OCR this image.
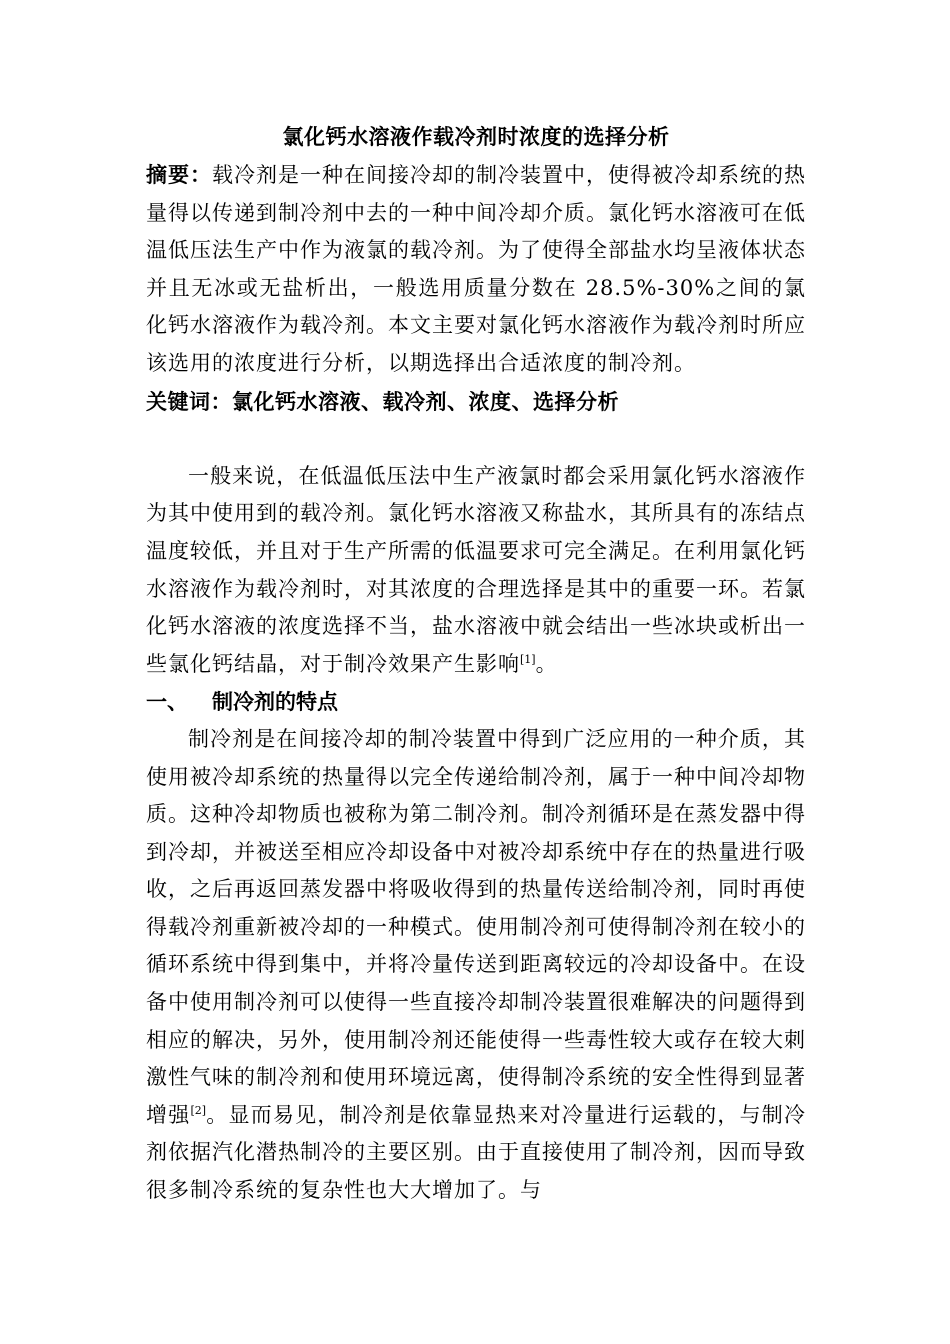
氯化钙水溶液作载冷剂时浓度的选择分析

摘要：载冷剂是一种在间接冷却的制冷装置中，使得被冷却系统的热量得以传递到制冷剂中去的一种中间冷却介质。氯化钙水溶液可在低温低压法生产中作为液氯的载冷剂。为了使得全部盐水均呈液体状态并且无冰或无盐析出，一般选用质量分数在 28.5%-30%之间的氯化钙水溶液作为载冷剂。本文主要对氯化钙水溶液作为载冷剂时所应该选用的浓度进行分析，以期选择出合适浓度的制冷剂。

关键词：氯化钙水溶液、载冷剂、浓度、选择分析

一般来说，在低温低压法中生产液氯时都会采用氯化钙水溶液作为其中使用到的载冷剂。氯化钙水溶液又称盐水，其所具有的冻结点温度较低，并且对于生产所需的低温要求可完全满足。在利用氯化钙水溶液作为载冷剂时，对其浓度的合理选择是其中的重要一环。若氯化钙水溶液的浓度选择不当，盐水溶液中就会结出一些冰块或析出一些氯化钙结晶，对于制冷效果产生影响[1]。

一、	制冷剂的特点

制冷剂是在间接冷却的制冷装置中得到广泛应用的一种介质，其使用被冷却系统的热量得以完全传递给制冷剂，属于一种中间冷却物质。这种冷却物质也被称为第二制冷剂。制冷剂循环是在蒸发器中得到冷却，并被送至相应冷却设备中对被冷却系统中存在的热量进行吸收，之后再返回蒸发器中将吸收得到的热量传送给制冷剂，同时再使得载冷剂重新被冷却的一种模式。使用制冷剂可使得制冷剂在较小的循环系统中得到集中，并将冷量传送到距离较远的冷却设备中。在设备中使用制冷剂可以使得一些直接冷却制冷装置很难解决的问题得到相应的解决，另外，使用制冷剂还能使得一些毒性较大或存在较大刺激性气味的制冷剂和使用环境远离，使得制冷系统的安全性得到显著增强[2]。显而易见，制冷剂是依靠显热来对冷量进行运载的，与制冷剂依据汽化潜热制冷的主要区别。由于直接使用了制冷剂，因而导致很多制冷系统的复杂性也大大增加了。与
